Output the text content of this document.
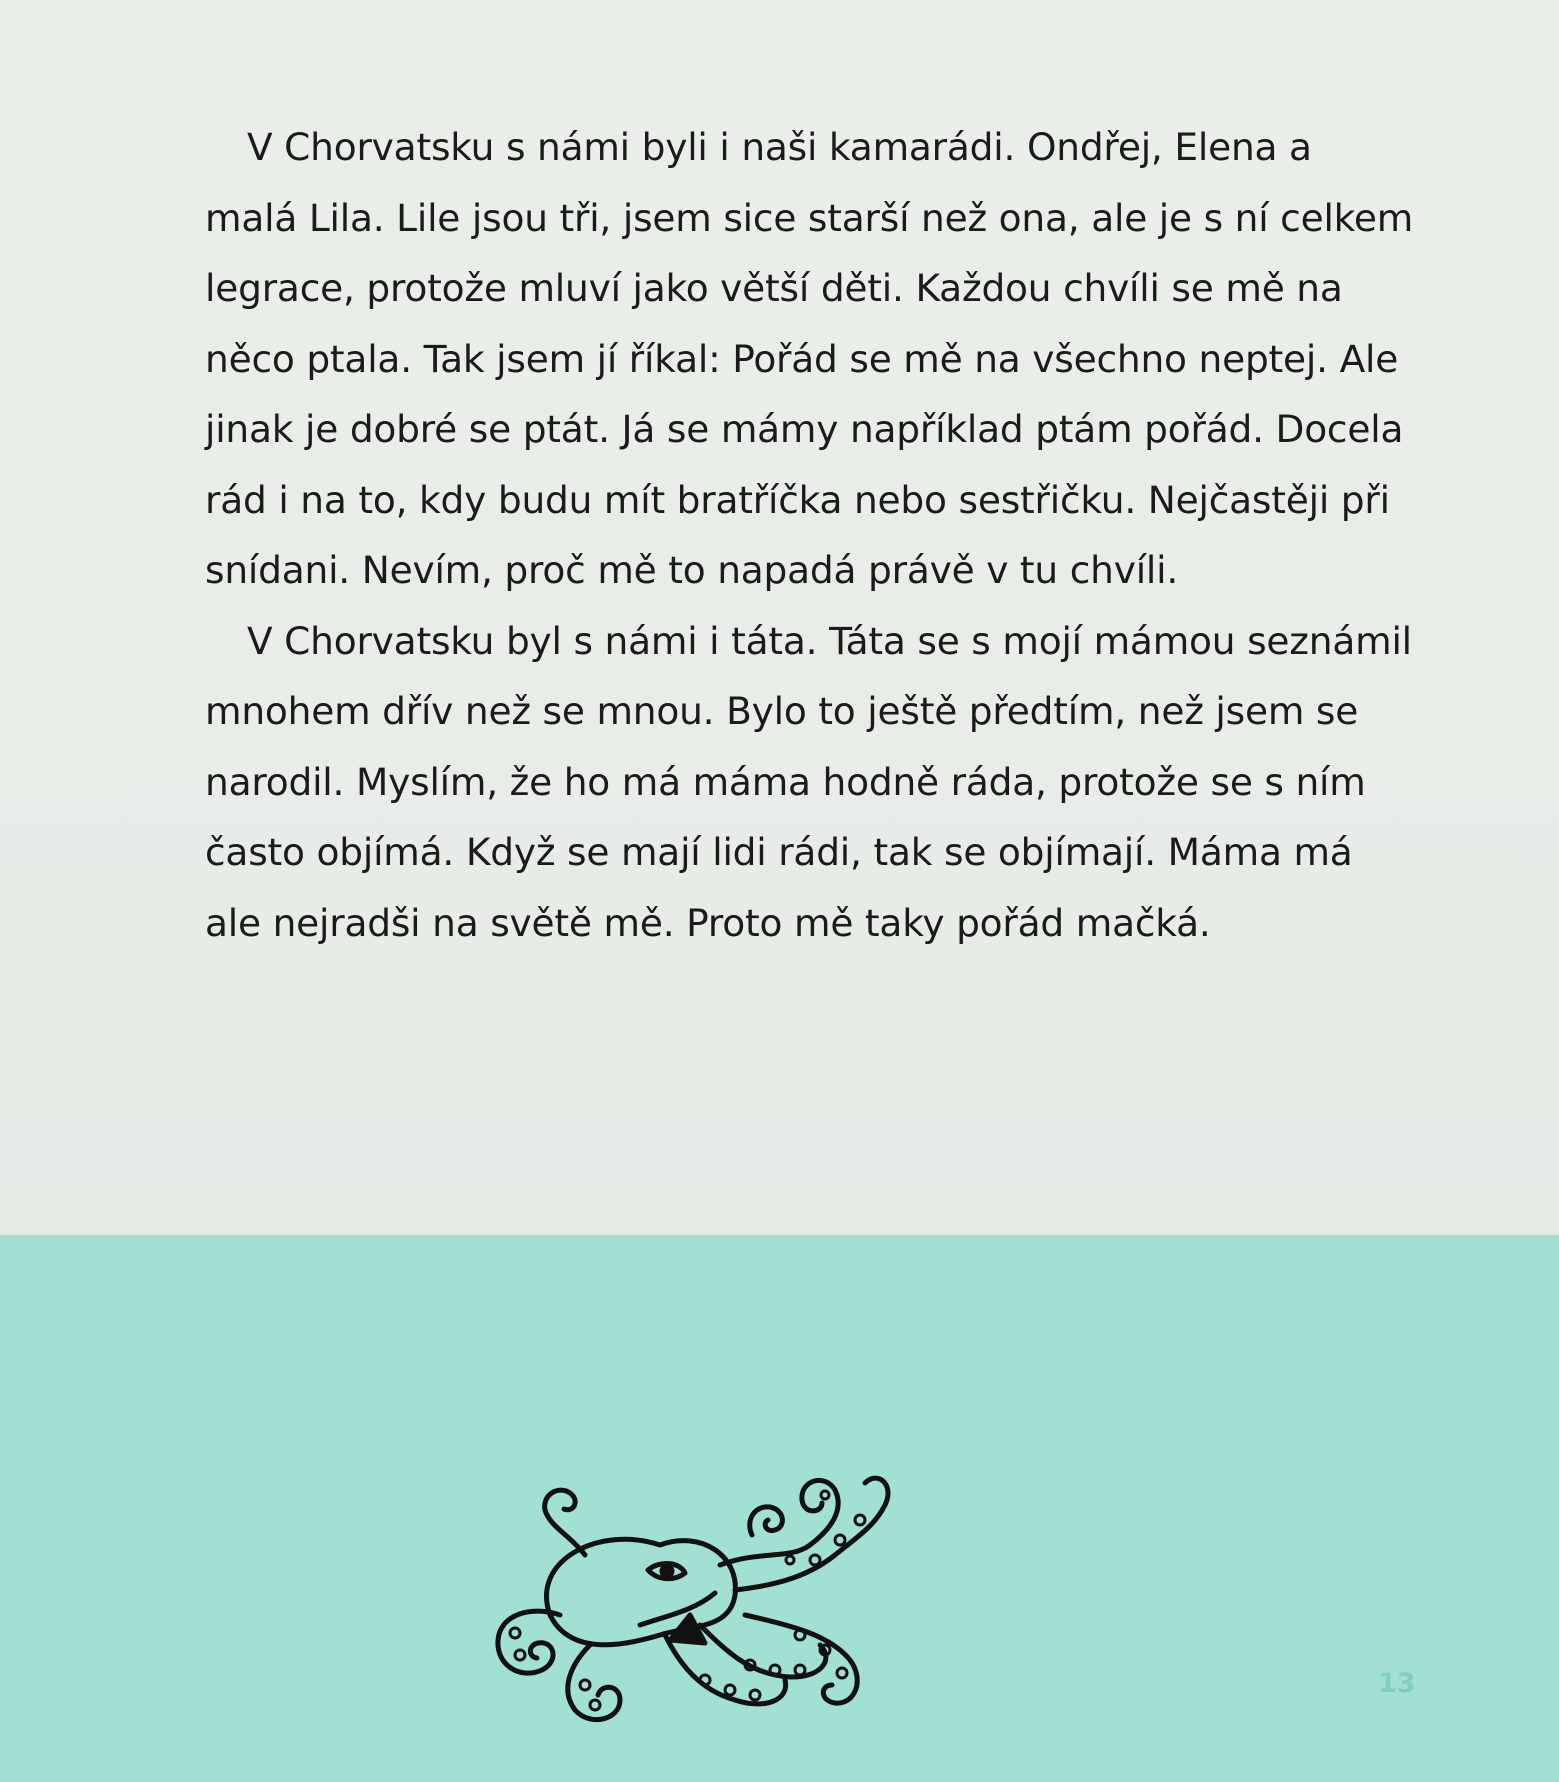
V Chorvatsku s námi byli i naši kamarádi. Ondřej, Elena a malá Lila. Lile jsou tři, jsem sice starší než ona, ale je s ní celkem legrace, protože mluví jako větší děti. Každou chvíli se mě na něco ptala. Tak jsem jí říkal: Pořád se mě na všechno neptej. Ale jinak je dobré se ptát. Já se mámy například ptám pořád. Docela rád i na to, kdy budu mít bratříčka nebo sestřičku. Nejčastěji při snídani. Nevím, proč mě to napadá právě v tu chvíli.

V Chorvatsku byl s námi i táta. Táta se s mojí mámou seznámil mnohem dřív než se mnou. Bylo to ještě předtím, než jsem se narodil. Myslím, že ho má máma hodně ráda, protože se s ním často objímá. Když se mají lidi rádi, tak se objímají. Máma má ale nejradši na světě mě. Proto mě taky pořád mačká.

13
